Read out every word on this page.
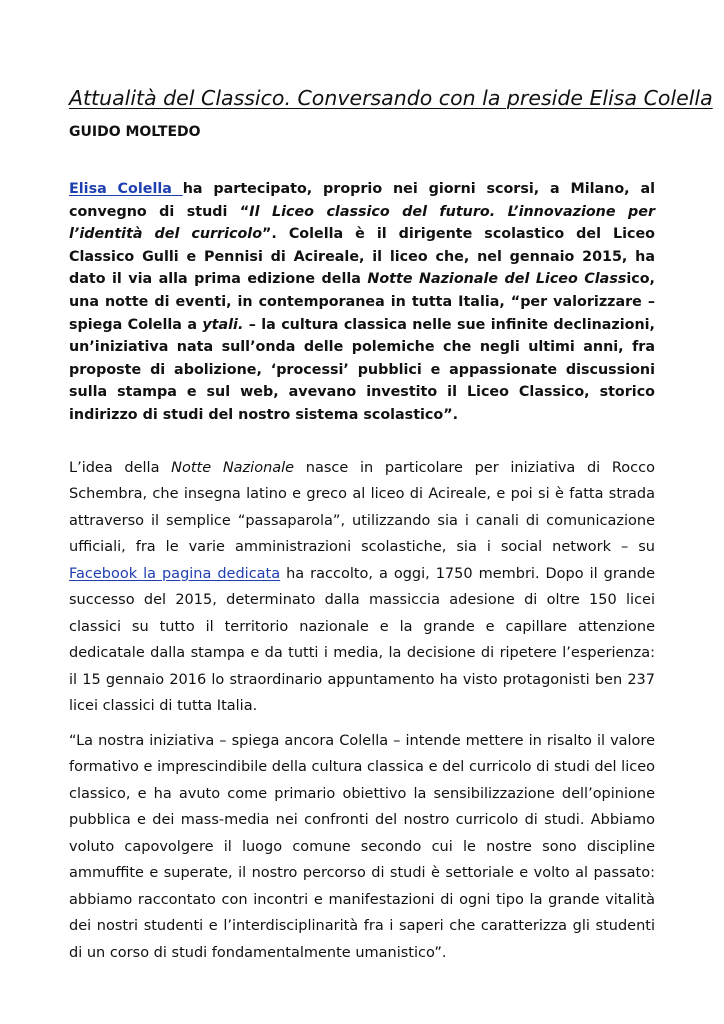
Attualità del Classico. Conversando con la preside Elisa Colella
GUIDO MOLTEDO

Elisa Colella ha partecipato, proprio nei giorni scorsi, a Milano, al convegno di studi “Il Liceo classico del futuro. L’innovazione per l’identità del curricolo”. Colella è il dirigente scolastico del Liceo Classico Gulli e Pennisi di Acireale, il liceo che, nel gennaio 2015, ha dato il via alla prima edizione della Notte Nazionale del Liceo Classico, una notte di eventi, in contemporanea in tutta Italia, “per valorizzare – spiega Colella a ytali. – la cultura classica nelle sue infinite declinazioni, un’iniziativa nata sull’onda delle polemiche che negli ultimi anni, fra proposte di abolizione, ‘processi’ pubblici e appassionate discussioni sulla stampa e sul web, avevano investito il Liceo Classico, storico indirizzo di studi del nostro sistema scolastico”.

L’idea della Notte Nazionale nasce in particolare per iniziativa di Rocco Schembra, che insegna latino e greco al liceo di Acireale, e poi si è fatta strada attraverso il semplice “passaparola”, utilizzando sia i canali di comunicazione ufficiali, fra le varie amministrazioni scolastiche, sia i social network – su Facebook la pagina dedicata ha raccolto, a oggi, 1750 membri. Dopo il grande successo del 2015, determinato dalla massiccia adesione di oltre 150 licei classici su tutto il territorio nazionale e la grande e capillare attenzione dedicatale dalla stampa e da tutti i media, la decisione di ripetere l’esperienza: il 15 gennaio 2016 lo straordinario appuntamento ha visto protagonisti ben 237 licei classici di tutta Italia.

“La nostra iniziativa – spiega ancora Colella – intende mettere in risalto il valore formativo e imprescindibile della cultura classica e del curricolo di studi del liceo classico, e ha avuto come primario obiettivo la sensibilizzazione dell’opinione pubblica e dei mass-media nei confronti del nostro curricolo di studi. Abbiamo voluto capovolgere il luogo comune secondo cui le nostre sono discipline ammuffite e superate, il nostro percorso di studi è settoriale e volto al passato: abbiamo raccontato con incontri e manifestazioni di ogni tipo la grande vitalità dei nostri studenti e l’interdisciplinarità fra i saperi che caratterizza gli studenti di un corso di studi fondamentalmente umanistico”.
